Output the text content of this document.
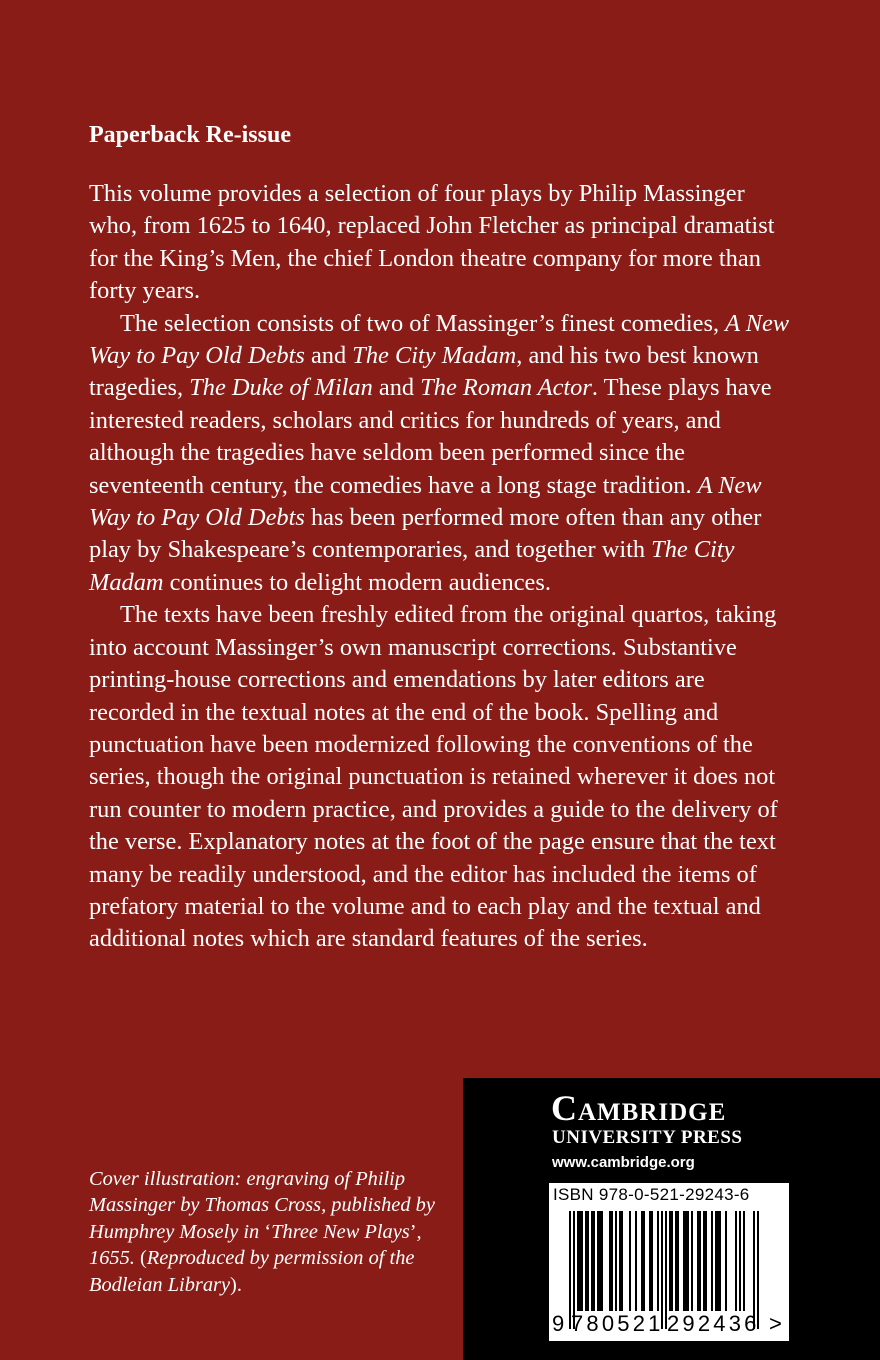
Paperback Re-issue

This volume provides a selection of four plays by Philip Massinger who, from 1625 to 1640, replaced John Fletcher as principal dramatist for the King’s Men, the chief London theatre company for more than forty years.

The selection consists of two of Massinger’s finest comedies, A New Way to Pay Old Debts and The City Madam, and his two best known tragedies, The Duke of Milan and The Roman Actor. These plays have interested readers, scholars and critics for hundreds of years, and although the tragedies have seldom been performed since the seventeenth century, the comedies have a long stage tradition. A New Way to Pay Old Debts has been performed more often than any other play by Shakespeare’s contemporaries, and together with The City Madam continues to delight modern audiences.

The texts have been freshly edited from the original quartos, taking into account Massinger’s own manuscript corrections. Substantive printing-house corrections and emendations by later editors are recorded in the textual notes at the end of the book. Spelling and punctuation have been modernized following the conventions of the series, though the original punctuation is retained wherever it does not run counter to modern practice, and provides a guide to the delivery of the verse. Explanatory notes at the foot of the page ensure that the text many be readily understood, and the editor has included the items of prefatory material to the volume and to each play and the textual and additional notes which are standard features of the series.

Cover illustration: engraving of Philip Massinger by Thomas Cross, published by Humphrey Mosely in ‘Three New Plays’, 1655. (Reproduced by permission of the Bodleian Library).
Cambridge
UNIVERSITY PRESS
www.cambridge.org
ISBN 978-0-521-29243-6
9 780521 292436 >
